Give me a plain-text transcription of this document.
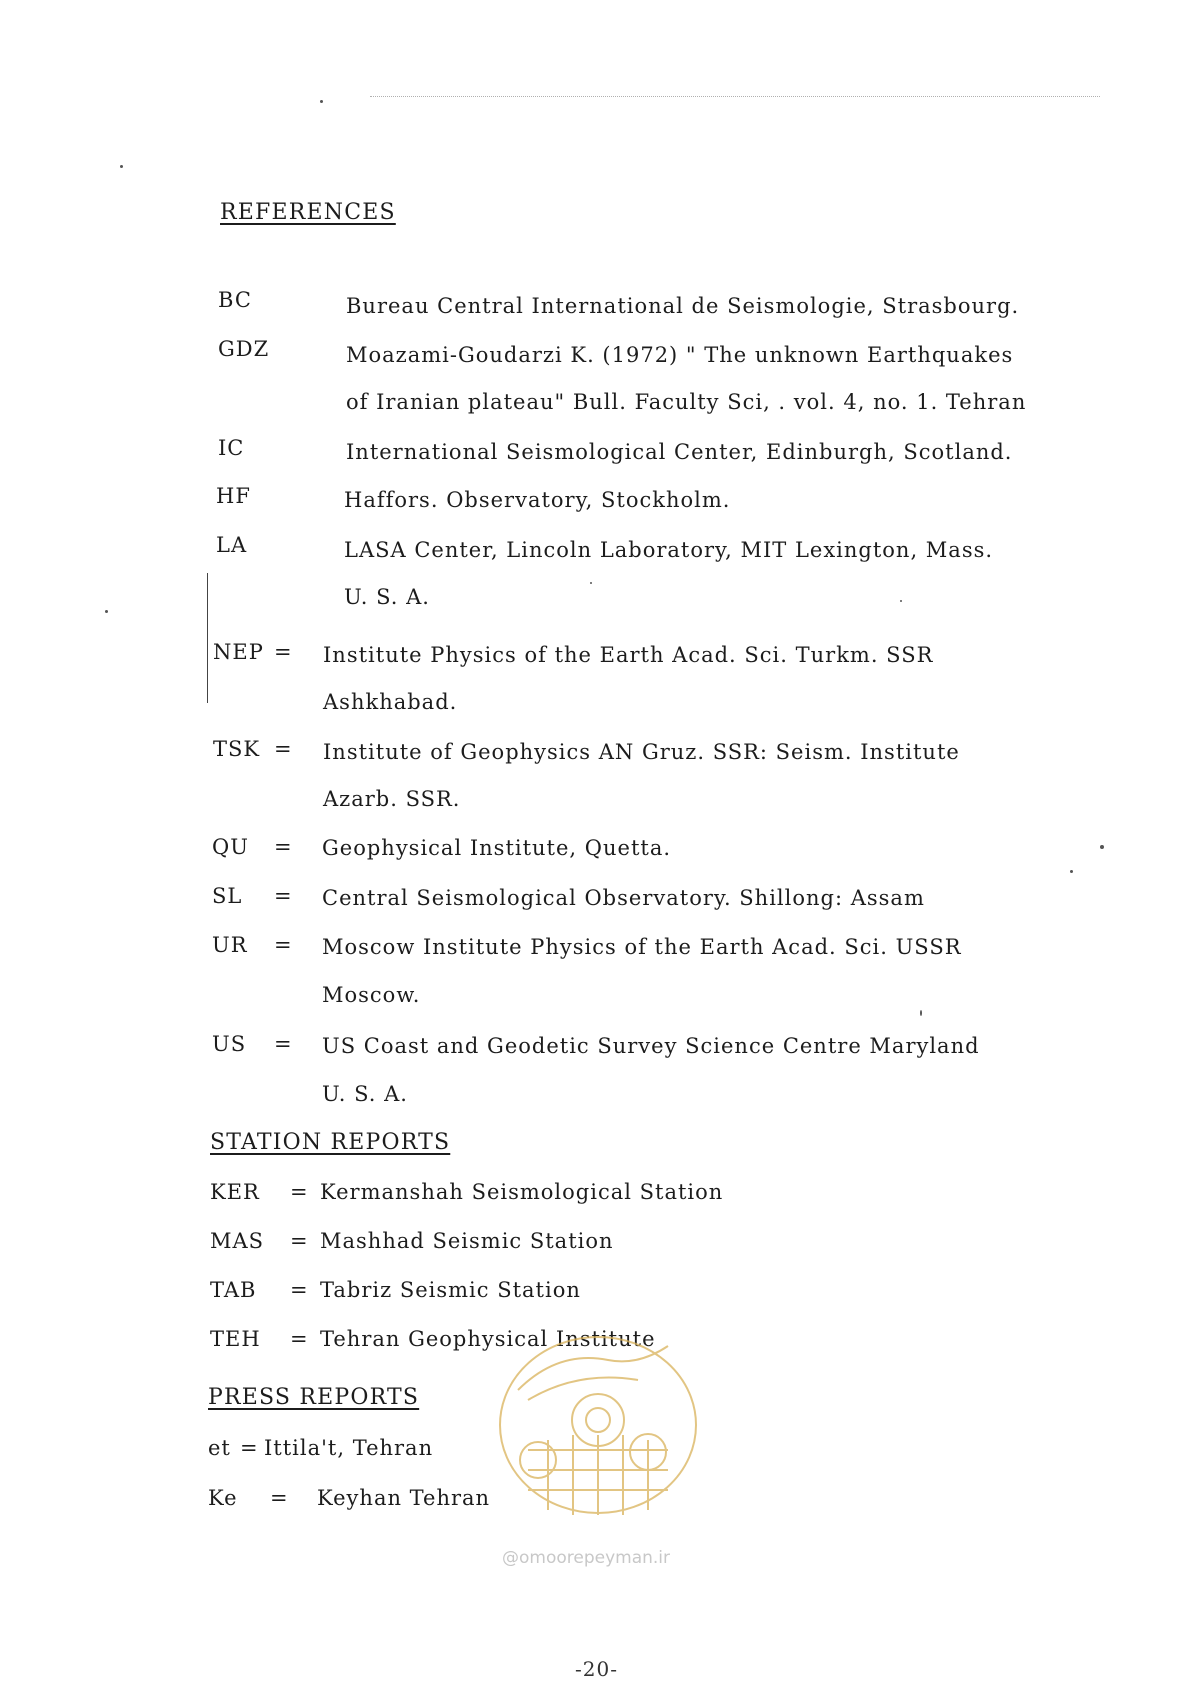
REFERENCES
BC	Bureau Central International de Seismologie, Strasbourg.
GDZ	Moazami-Goudarzi K. (1972) " The unknown Earthquakes
of Iranian plateau" Bull. Faculty Sci, . vol. 4, no. 1. Tehran
IC	International Seismological Center, Edinburgh, Scotland.
HF	Haffors. Observatory, Stockholm.
LA	LASA Center, Lincoln Laboratory, MIT Lexington, Mass.
U. S. A.
NEP = Institute Physics of the Earth Acad. Sci. Turkm. SSR
Ashkhabad.
TSK = Institute of Geophysics AN Gruz. SSR: Seism. Institute
Azarb. SSR.
QU = Geophysical Institute, Quetta.
SL = Central Seismological Observatory. Shillong: Assam
UR = Moscow Institute Physics of the Earth Acad. Sci. USSR
Moscow.
US = US Coast and Geodetic Survey Science Centre Maryland
U. S. A.
STATION REPORTS
KER = Kermanshah Seismological Station
MAS = Mashhad Seismic Station
TAB = Tabriz Seismic Station
TEH = Tehran Geophysical Institute
PRESS REPORTS
et = Ittila't, Tehran
Ke = Keyhan Tehran
@omoorepeyman.ir
-20-
